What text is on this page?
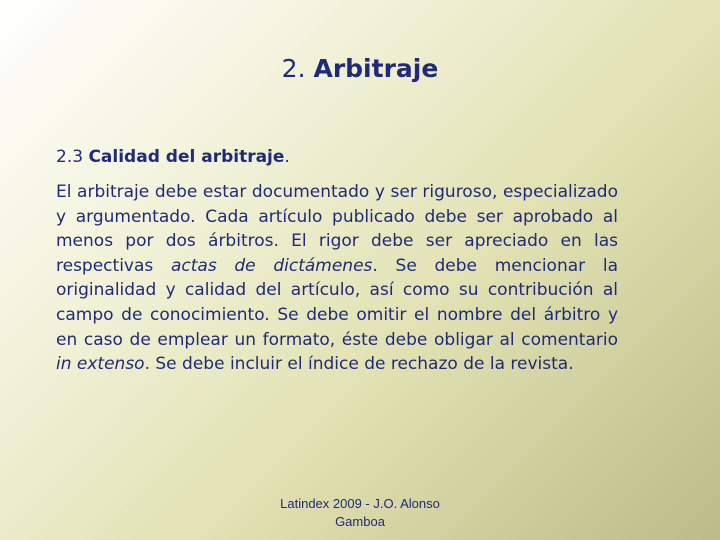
2. Arbitraje
2.3 Calidad del arbitraje.

El arbitraje debe estar documentado y ser riguroso, especializado y argumentado. Cada artículo publicado debe ser aprobado al menos por dos árbitros. El rigor debe ser apreciado en las respectivas actas de dictámenes. Se debe mencionar la originalidad y calidad del artículo, así como su contribución al campo de conocimiento. Se debe omitir el nombre del árbitro y en caso de emplear un formato, éste debe obligar al comentario in extenso. Se debe incluir el índice de rechazo de la revista.

Latindex 2009 - J.O. Alonso
Gamboa
